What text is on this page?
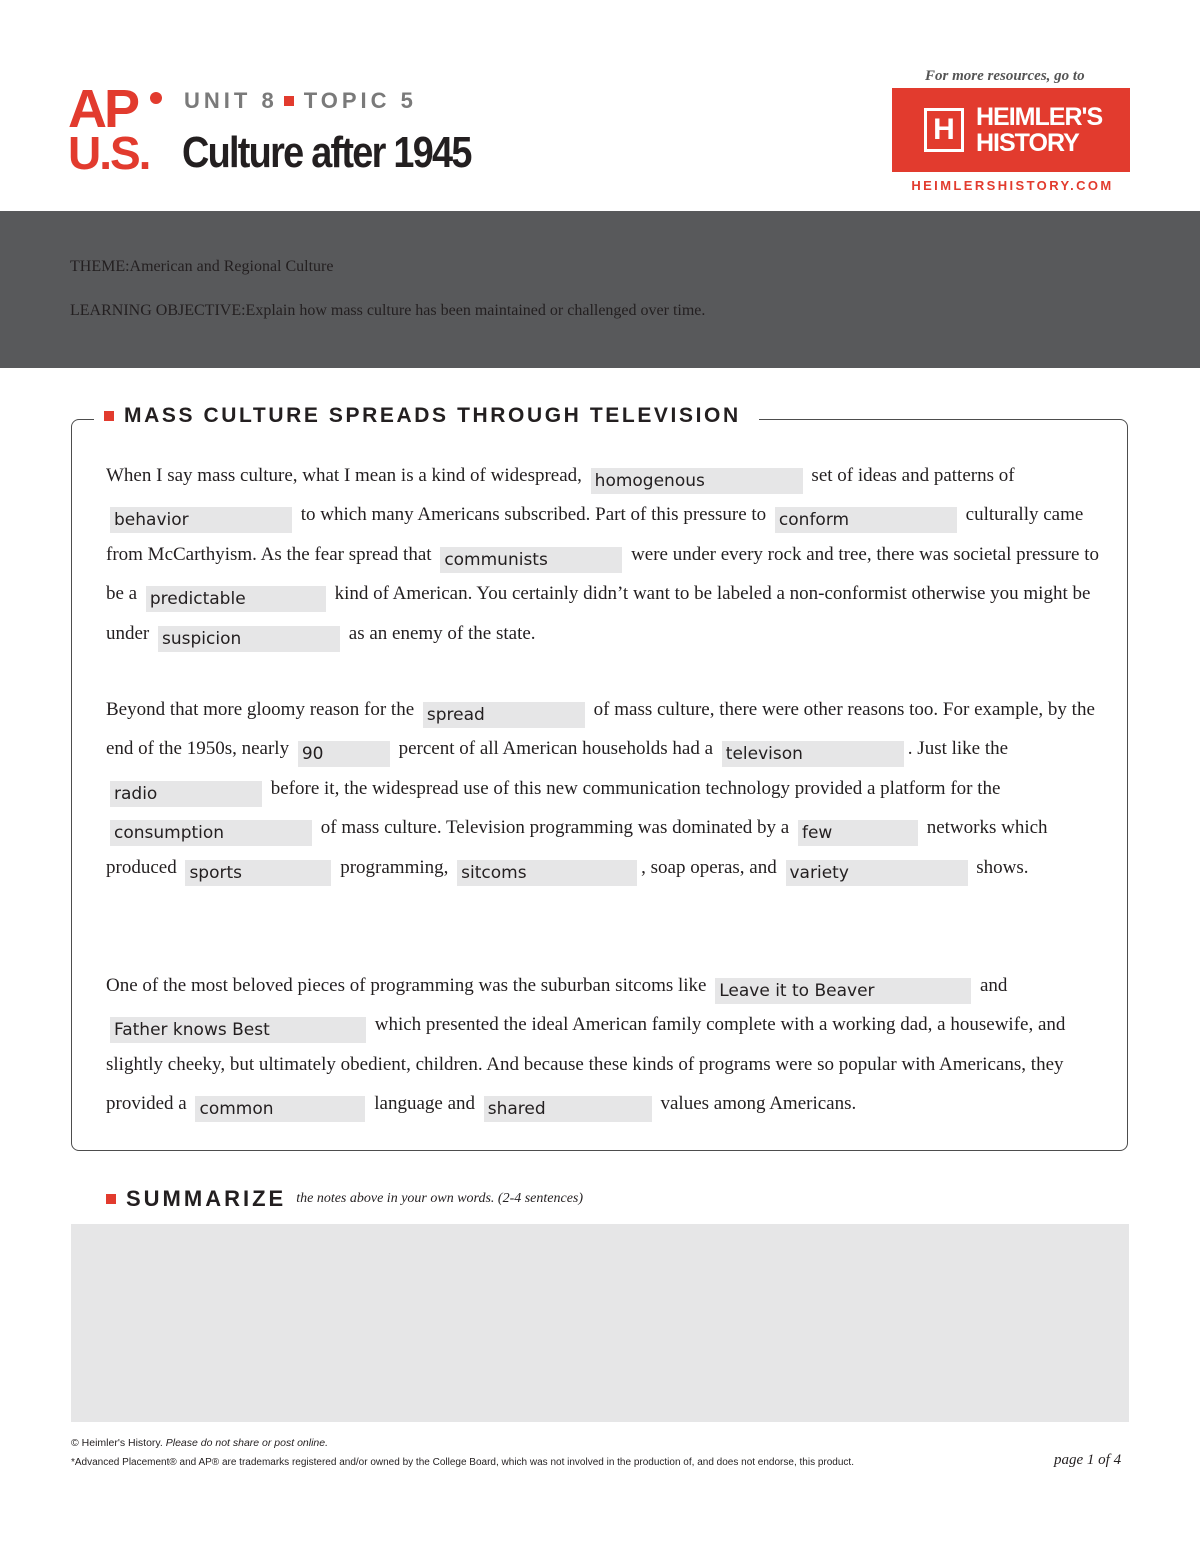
AP
U.S.
UNIT 8 TOPIC 5
Culture after 1945
For more resources, go to
H HEIMLER'S
HISTORY
HEIMLERSHISTORY.COM
THEME:American and Regional Culture
LEARNING OBJECTIVE:Explain how mass culture has been maintained or challenged over time.
MASS CULTURE SPREADS THROUGH TELEVISION
When I say mass culture, what I mean is a kind of widespread, homogenous	set of ideas and patterns of behavior	to which many Americans subscribed. Part of this pressure to conform	culturally came from McCarthyism. As the fear spread that communists	were under every rock and tree, there was societal pressure to be a predictable	kind of American. You certainly didn’t want to be labeled a non-conformist otherwise you might be under suspicion	as an enemy of the state.
Beyond that more gloomy reason for the spread	of mass culture, there were other reasons too. For example, by the end of the 1950s, nearly 90	percent of all American households had a televison	. Just like the radio	before it, the widespread use of this new communication technology provided a platform for the consumption	of mass culture. Television programming was dominated by a few	networks which produced sports	programming, sitcoms	, soap operas, and variety	shows.
One of the most beloved pieces of programming was the suburban sitcoms like Leave it to Beaver	and Father knows Best	which presented the ideal American family complete with a working dad, a housewife, and slightly cheeky, but ultimately obedient, children. And because these kinds of programs were so popular with Americans, they provided a common	language and shared	values among Americans.
SUMMARIZE the notes above in your own words. (2-4 sentences)
© Heimler's History. Please do not share or post online.
*Advanced Placement® and AP® are trademarks registered and/or owned by the College Board, which was not involved in the production of, and does not endorse, this product.	page 1 of 4
